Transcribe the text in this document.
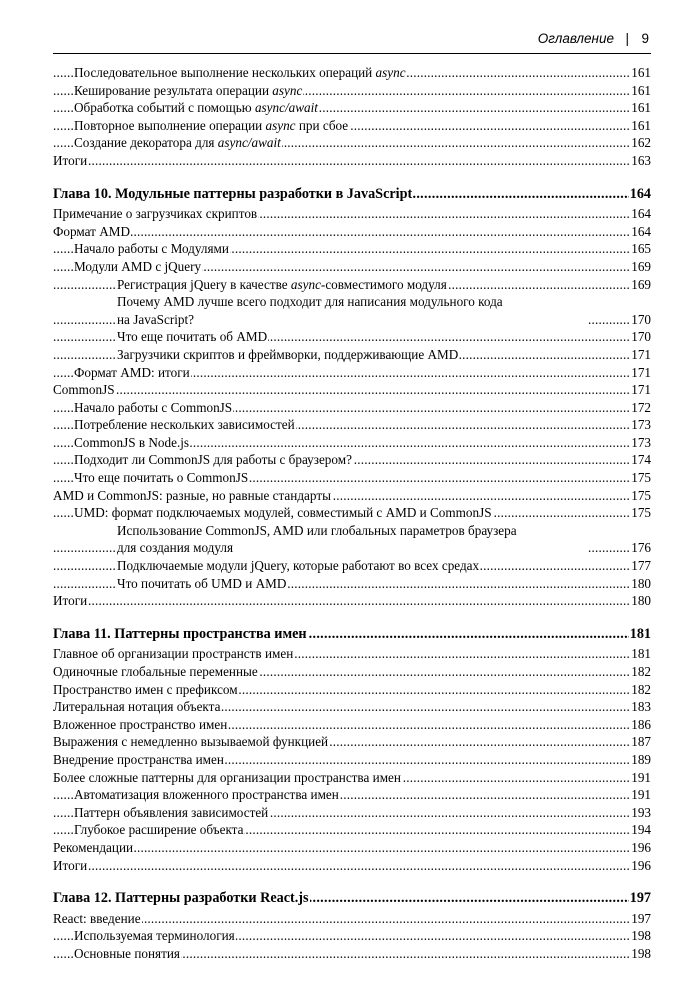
Оглавление | 9
Последовательное выполнение нескольких операций async	161
Кеширование результата операции async	161
Обработка событий с помощью async/await	161
Повторное выполнение операции async при сбое	161
Создание декоратора для async/await	162
Итоги	163
Глава 10. Модульные паттерны разработки в JavaScript	164
Примечание о загрузчиках скриптов	164
Формат AMD	164
Начало работы с Модулями	165
Модули AMD с jQuery	169
Регистрация jQuery в качестве async-совместимого модуля	169
Почему AMD лучше всего подходит для написания модульного кода
на JavaScript?	170
Что еще почитать об AMD	170
Загрузчики скриптов и фреймворки, поддерживающие AMD	171
Формат AMD: итоги	171
CommonJS	171
Начало работы с CommonJS	172
Потребление нескольких зависимостей	173
CommonJS в Node.js	173
Подходит ли CommonJS для работы с браузером?	174
Что еще почитать о CommonJS	175
AMD и CommonJS: разные, но равные стандарты	175
UMD: формат подключаемых модулей, совместимый с AMD и CommonJS	175
Использование CommonJS, AMD или глобальных параметров браузера
для создания модуля	176
Подключаемые модули jQuery, которые работают во всех средах	177
Что почитать об UMD и AMD	180
Итоги	180
Глава 11. Паттерны пространства имен	181
Главное об организации пространств имен	181
Одиночные глобальные переменные	182
Пространство имен с префиксом	182
Литеральная нотация объекта	183
Вложенное пространство имен	186
Выражения с немедленно вызываемой функцией	187
Внедрение пространства имен	189
Более сложные паттерны для организации пространства имен	191
Автоматизация вложенного пространства имен	191
Паттерн объявления зависимостей	193
Глубокое расширение объекта	194
Рекомендации	196
Итоги	196
Глава 12. Паттерны разработки React.js	197
React: введение	197
Используемая терминология	198
Основные понятия	198
